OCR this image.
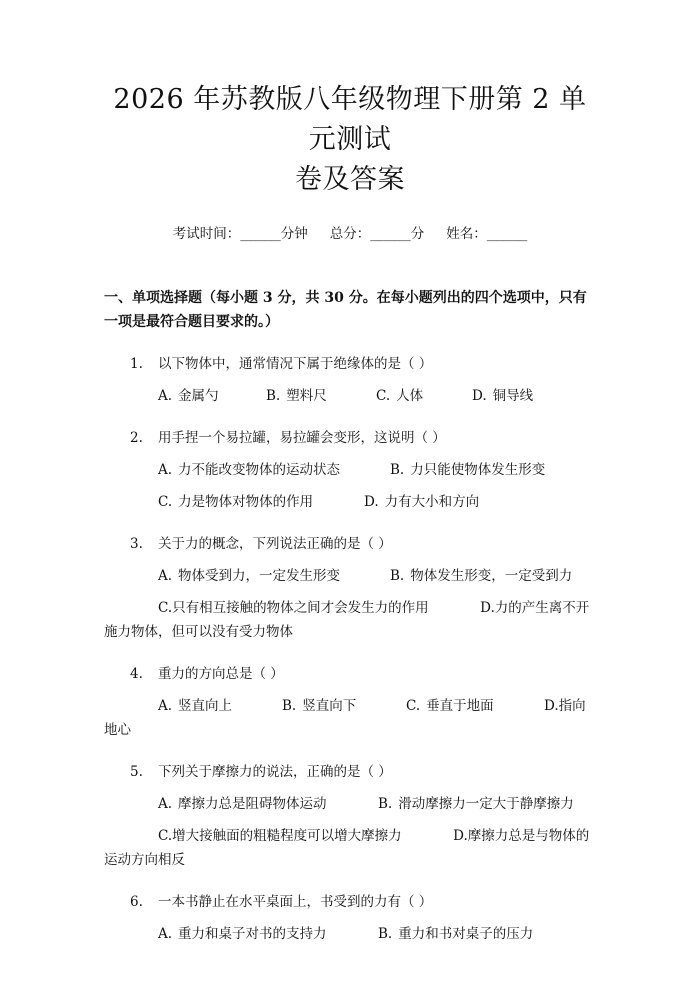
2026 年苏教版八年级物理下册第 2 单元测试
卷及答案
考试时间：______分钟 总分：______分 姓名：______
一、单项选择题（每小题 3 分，共 30 分。在每小题列出的四个选项中，只有一项是最符合题目要求的。）
1. 以下物体中，通常情况下属于绝缘体的是（ ）
A. 金属勺	B. 塑料尺	C. 人体	D. 铜导线
2. 用手捏一个易拉罐，易拉罐会变形，这说明（ ）
A. 力不能改变物体的运动状态	B. 力只能使物体发生形变
C. 力是物体对物体的作用	D. 力有大小和方向
3. 关于力的概念，下列说法正确的是（ ）
A. 物体受到力，一定发生形变	B. 物体发生形变，一定受到力
C.只有相互接触的物体之间才会发生力的作用	D.力的产生离不开施力物体，但可以没有受力物体
4. 重力的方向总是（ ）
A. 竖直向上	B. 竖直向下	C. 垂直于地面	D.指向地心
5. 下列关于摩擦力的说法，正确的是（ ）
A. 摩擦力总是阻碍物体运动	B. 滑动摩擦力一定大于静摩擦力
C.增大接触面的粗糙程度可以增大摩擦力	D.摩擦力总是与物体的运动方向相反
6. 一本书静止在水平桌面上，书受到的力有（ ）
A. 重力和桌子对书的支持力	B. 重力和书对桌子的压力
